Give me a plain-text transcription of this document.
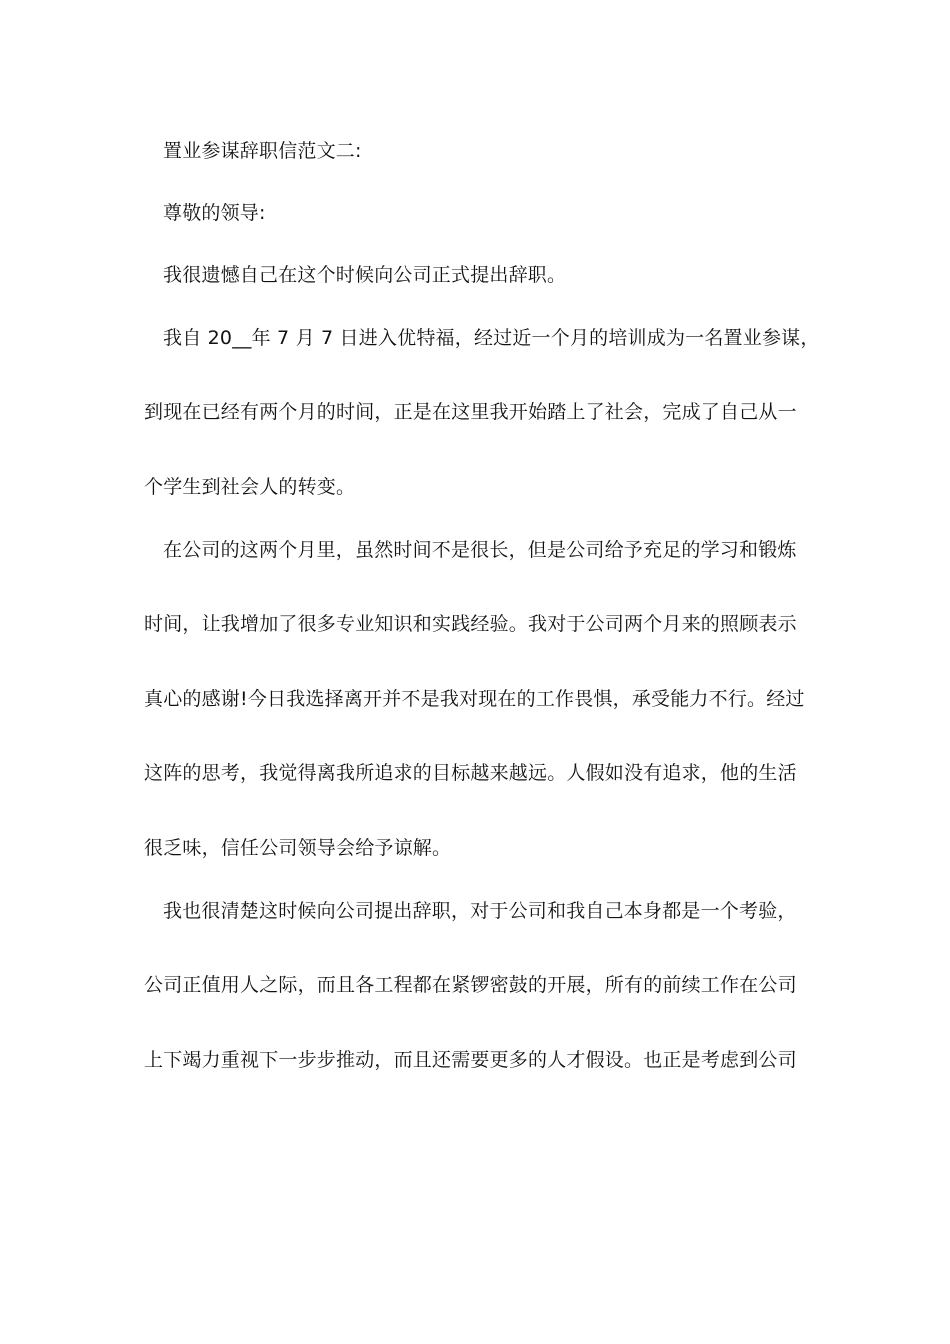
置业参谋辞职信范文二:
尊敬的领导:
我很遗憾自己在这个时候向公司正式提出辞职。
我自 20__年 7 月 7 日进入优特福，经过近一个月的培训成为一名置业参谋，
到现在已经有两个月的时间，正是在这里我开始踏上了社会，完成了自己从一
个学生到社会人的转变。
在公司的这两个月里，虽然时间不是很长，但是公司给予充足的学习和锻炼
时间，让我增加了很多专业知识和实践经验。我对于公司两个月来的照顾表示
真心的感谢!今日我选择离开并不是我对现在的工作畏惧，承受能力不行。经过
这阵的思考，我觉得离我所追求的目标越来越远。人假如没有追求，他的生活
很乏味，信任公司领导会给予谅解。
我也很清楚这时候向公司提出辞职，对于公司和我自己本身都是一个考验，
公司正值用人之际，而且各工程都在紧锣密鼓的开展，所有的前续工作在公司
上下竭力重视下一步步推动，而且还需要更多的人才假设。也正是考虑到公司
